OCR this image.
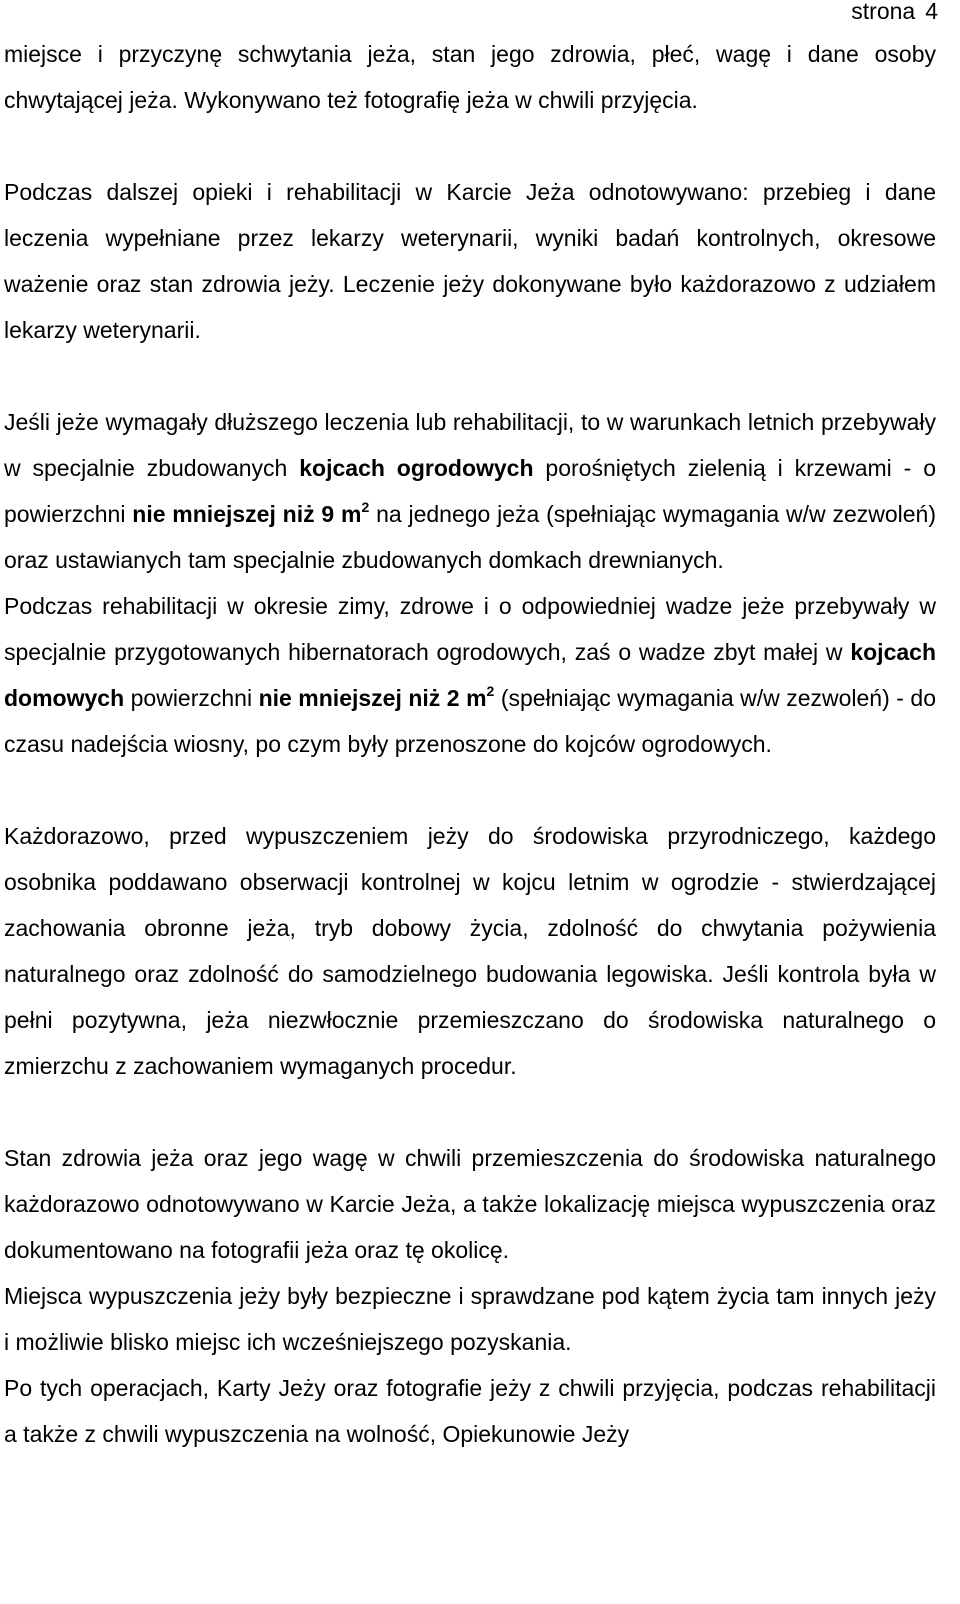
strona 4

miejsce i przyczynę schwytania jeża, stan jego zdrowia, płeć, wagę i dane osoby chwytającej jeża. Wykonywano też fotografię jeża w chwili przyjęcia.

Podczas dalszej opieki i rehabilitacji w Karcie Jeża odnotowywano: przebieg i dane leczenia wypełniane przez lekarzy weterynarii, wyniki badań kontrolnych, okresowe ważenie oraz stan zdrowia jeży. Leczenie jeży dokonywane było każdorazowo z udziałem lekarzy weterynarii.

Jeśli jeże wymagały dłuższego leczenia lub rehabilitacji, to w warunkach letnich przebywały w specjalnie zbudowanych kojcach ogrodowych porośniętych zielenią i krzewami - o powierzchni nie mniejszej niż 9 $m^2$ na jednego jeża (spełniając wymagania w/w zezwoleń) oraz ustawianych tam specjalnie zbudowanych domkach drewnianych.

Podczas rehabilitacji w okresie zimy, zdrowe i o odpowiedniej wadze jeże przebywały w specjalnie przygotowanych hibernatorach ogrodowych, zaś o wadze zbyt małej w kojcach domowych powierzchni nie mniejszej niż 2 $m^2$ (spełniając wymagania w/w zezwoleń) - do czasu nadejścia wiosny, po czym były przenoszone do kojców ogrodowych.

Każdorazowo, przed wypuszczeniem jeży do środowiska przyrodniczego, każdego osobnika poddawano obserwacji kontrolnej w kojcu letnim w ogrodzie - stwierdzającej zachowania obronne jeża, tryb dobowy życia, zdolność do chwytania pożywienia naturalnego oraz zdolność do samodzielnego budowania legowiska. Jeśli kontrola była w pełni pozytywna, jeża niezwłocznie przemieszczano do środowiska naturalnego o zmierzchu z zachowaniem wymaganych procedur.

Stan zdrowia jeża oraz jego wagę w chwili przemieszczenia do środowiska naturalnego każdorazowo odnotowywano w Karcie Jeża, a także lokalizację miejsca wypuszczenia oraz dokumentowano na fotografii jeża oraz tę okolicę.

Miejsca wypuszczenia jeży były bezpieczne i sprawdzane pod kątem życia tam innych jeży i możliwie blisko miejsc ich wcześniejszego pozyskania.

Po tych operacjach, Karty Jeży oraz fotografie jeży z chwili przyjęcia, podczas rehabilitacji a także z chwili wypuszczenia na wolność, Opiekunowie Jeży
